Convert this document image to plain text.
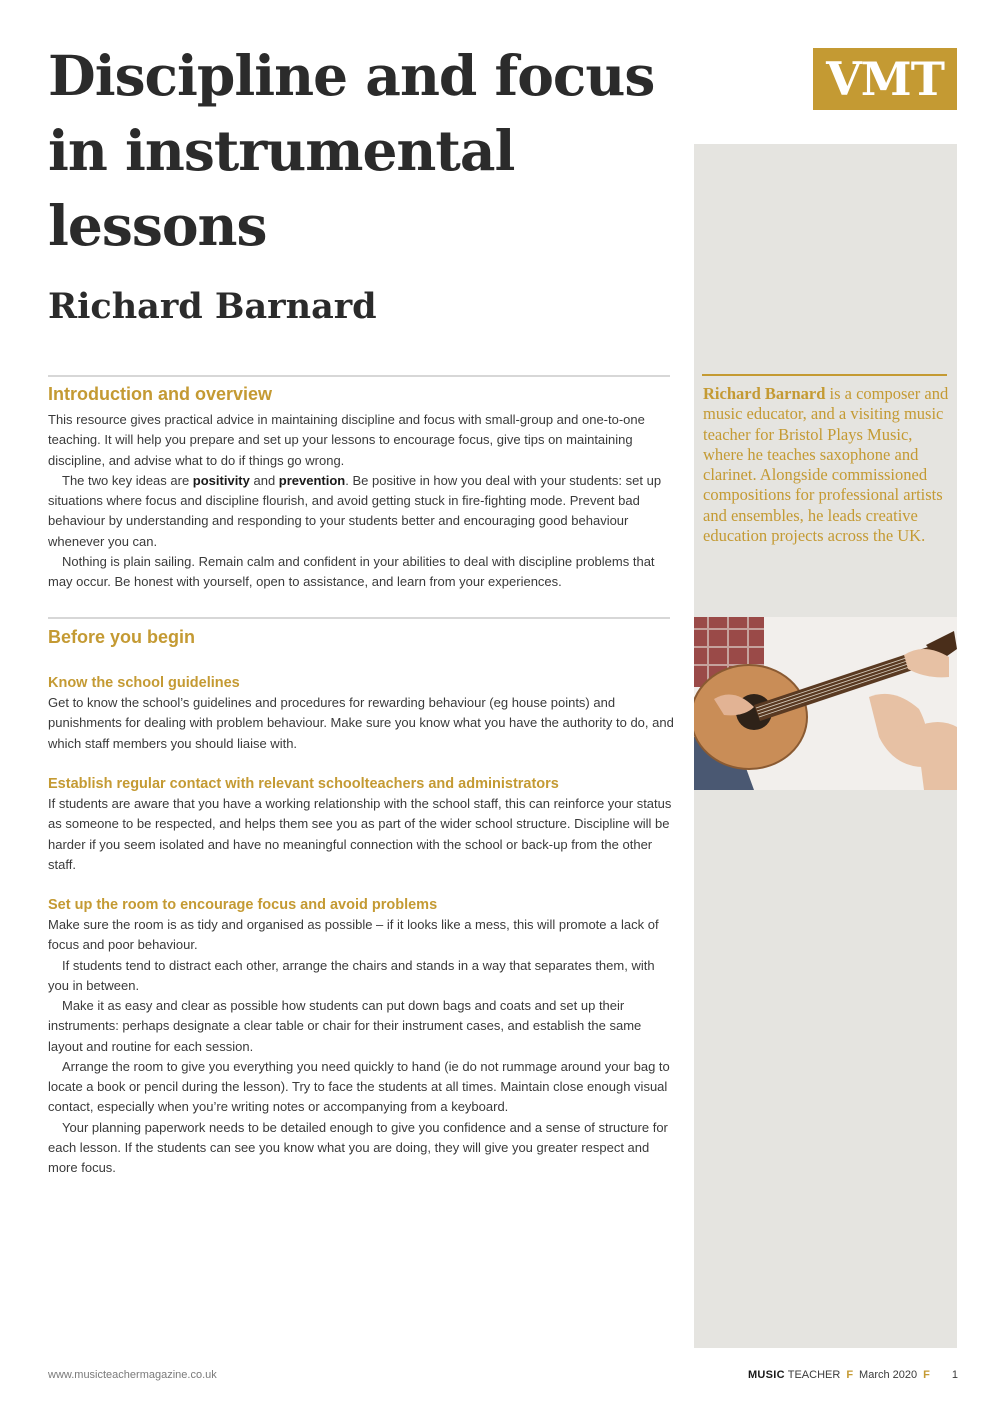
Discipline and focus in instrumental lessons
Richard Barnard
VMT

Richard Barnard is a composer and music educator, and a visiting music teacher for Bristol Plays Music, where he teaches saxophone and clarinet. Alongside commissioned compositions for professional artists and ensembles, he leads creative education projects across the UK.

Introduction and overview

This resource gives practical advice in maintaining discipline and focus with small-group and one-to-one teaching. It will help you prepare and set up your lessons to encourage focus, give tips on maintaining discipline, and advise what to do if things go wrong.

The two key ideas are positivity and prevention. Be positive in how you deal with your students: set up situations where focus and discipline flourish, and avoid getting stuck in fire-fighting mode. Prevent bad behaviour by understanding and responding to your students better and encouraging good behaviour whenever you can.

Nothing is plain sailing. Remain calm and confident in your abilities to deal with discipline problems that may occur. Be honest with yourself, open to assistance, and learn from your experiences.

Before you begin
Know the school guidelines

Get to know the school’s guidelines and procedures for rewarding behaviour (eg house points) and punishments for dealing with problem behaviour. Make sure you know what you have the authority to do, and which staff members you should liaise with.

Establish regular contact with relevant schoolteachers and administrators

If students are aware that you have a working relationship with the school staff, this can reinforce your status as someone to be respected, and helps them see you as part of the wider school structure. Discipline will be harder if you seem isolated and have no meaningful connection with the school or back-up from the other staff.

Set up the room to encourage focus and avoid problems

Make sure the room is as tidy and organised as possible – if it looks like a mess, this will promote a lack of focus and poor behaviour.

If students tend to distract each other, arrange the chairs and stands in a way that separates them, with you in between.

Make it as easy and clear as possible how students can put down bags and coats and set up their instruments: perhaps designate a clear table or chair for their instrument cases, and establish the same layout and routine for each session.

Arrange the room to give you everything you need quickly to hand (ie do not rummage around your bag to locate a book or pencil during the lesson). Try to face the students at all times. Maintain close enough visual contact, especially when you’re writing notes or accompanying from a keyboard.

Your planning paperwork needs to be detailed enough to give you confidence and a sense of structure for each lesson. If the students can see you know what you are doing, they will give you greater respect and more focus.

www.musicteachermagazine.co.uk	MUSIC TEACHER F March 2020 F 1
